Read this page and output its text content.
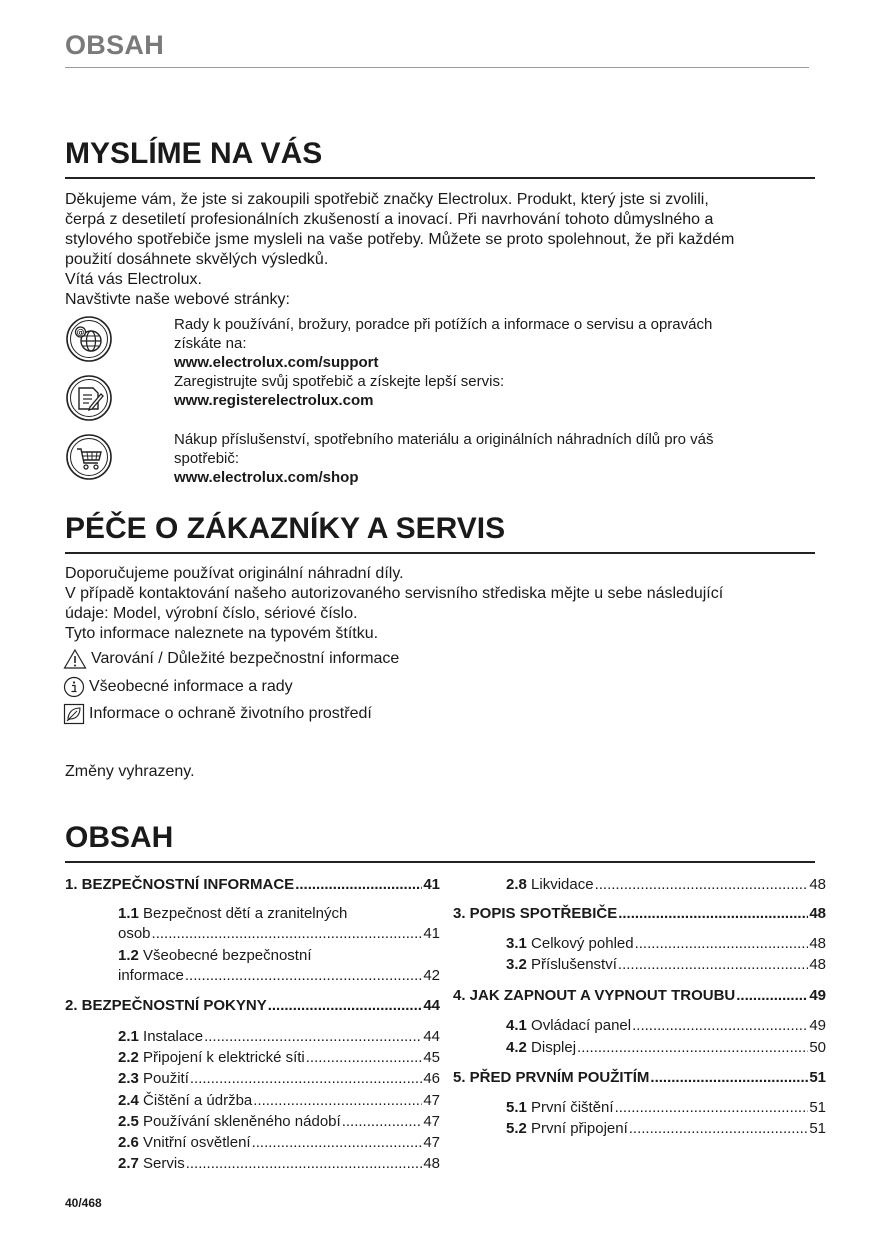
OBSAH
MYSLÍME NA VÁS
Děkujeme vám, že jste si zakoupili spotřebič značky Electrolux. Produkt, který jste si zvolili,
čerpá z desetiletí profesionálních zkušeností a inovací. Při navrhování tohoto důmyslného a
stylového spotřebiče jsme mysleli na vaše potřeby. Můžete se proto spolehnout, že při každém
použití dosáhnete skvělých výsledků.
Vítá vás Electrolux.
Navštivte naše webové stránky:
@	Rady k používání, brožury, poradce při potížích a informace o servisu a opravách
získáte na:
www.electrolux.com/support
Zaregistrujte svůj spotřebič a získejte lepší servis:
www.registerelectrolux.com
Nákup příslušenství, spotřebního materiálu a originálních náhradních dílů pro váš
spotřebič:
www.electrolux.com/shop
PÉČE O ZÁKAZNÍKY A SERVIS
Doporučujeme používat originální náhradní díly.
V případě kontaktování našeho autorizovaného servisního střediska mějte u sebe následující
údaje: Model, výrobní číslo, sériové číslo.
Tyto informace naleznete na typovém štítku.
Varování / Důležité bezpečnostní informace
Všeobecné informace a rady
Informace o ochraně životního prostředí
Změny vyhrazeny.
OBSAH
1. BEZPEČNOSTNÍ INFORMACE .....	41
1.1 Bezpečnost dětí a zranitelných
osob .....	41
1.2 Všeobecné bezpečnostní
informace .....	42
2. BEZPEČNOSTNÍ POKYNY .....	44
2.1 Instalace .....	44
2.2 Připojení k elektrické síti .....	45
2.3 Použití .....	46
2.4 Čištění a údržba .....	47
2.5 Používání skleněného nádobí .....	47
2.6 Vnitřní osvětlení .....	47
2.7 Servis .....	48
2.8 Likvidace .....	48
3. POPIS SPOTŘEBIČE .....	48
3.1 Celkový pohled .....	48
3.2 Příslušenství .....	48
4. JAK ZAPNOUT A VYPNOUT TROUBU .....	49
4.1 Ovládací panel .....	49
4.2 Displej .....	50
5. PŘED PRVNÍM POUŽITÍM .....	51
5.1 První čištění .....	51
5.2 První připojení .....	51
40/468
